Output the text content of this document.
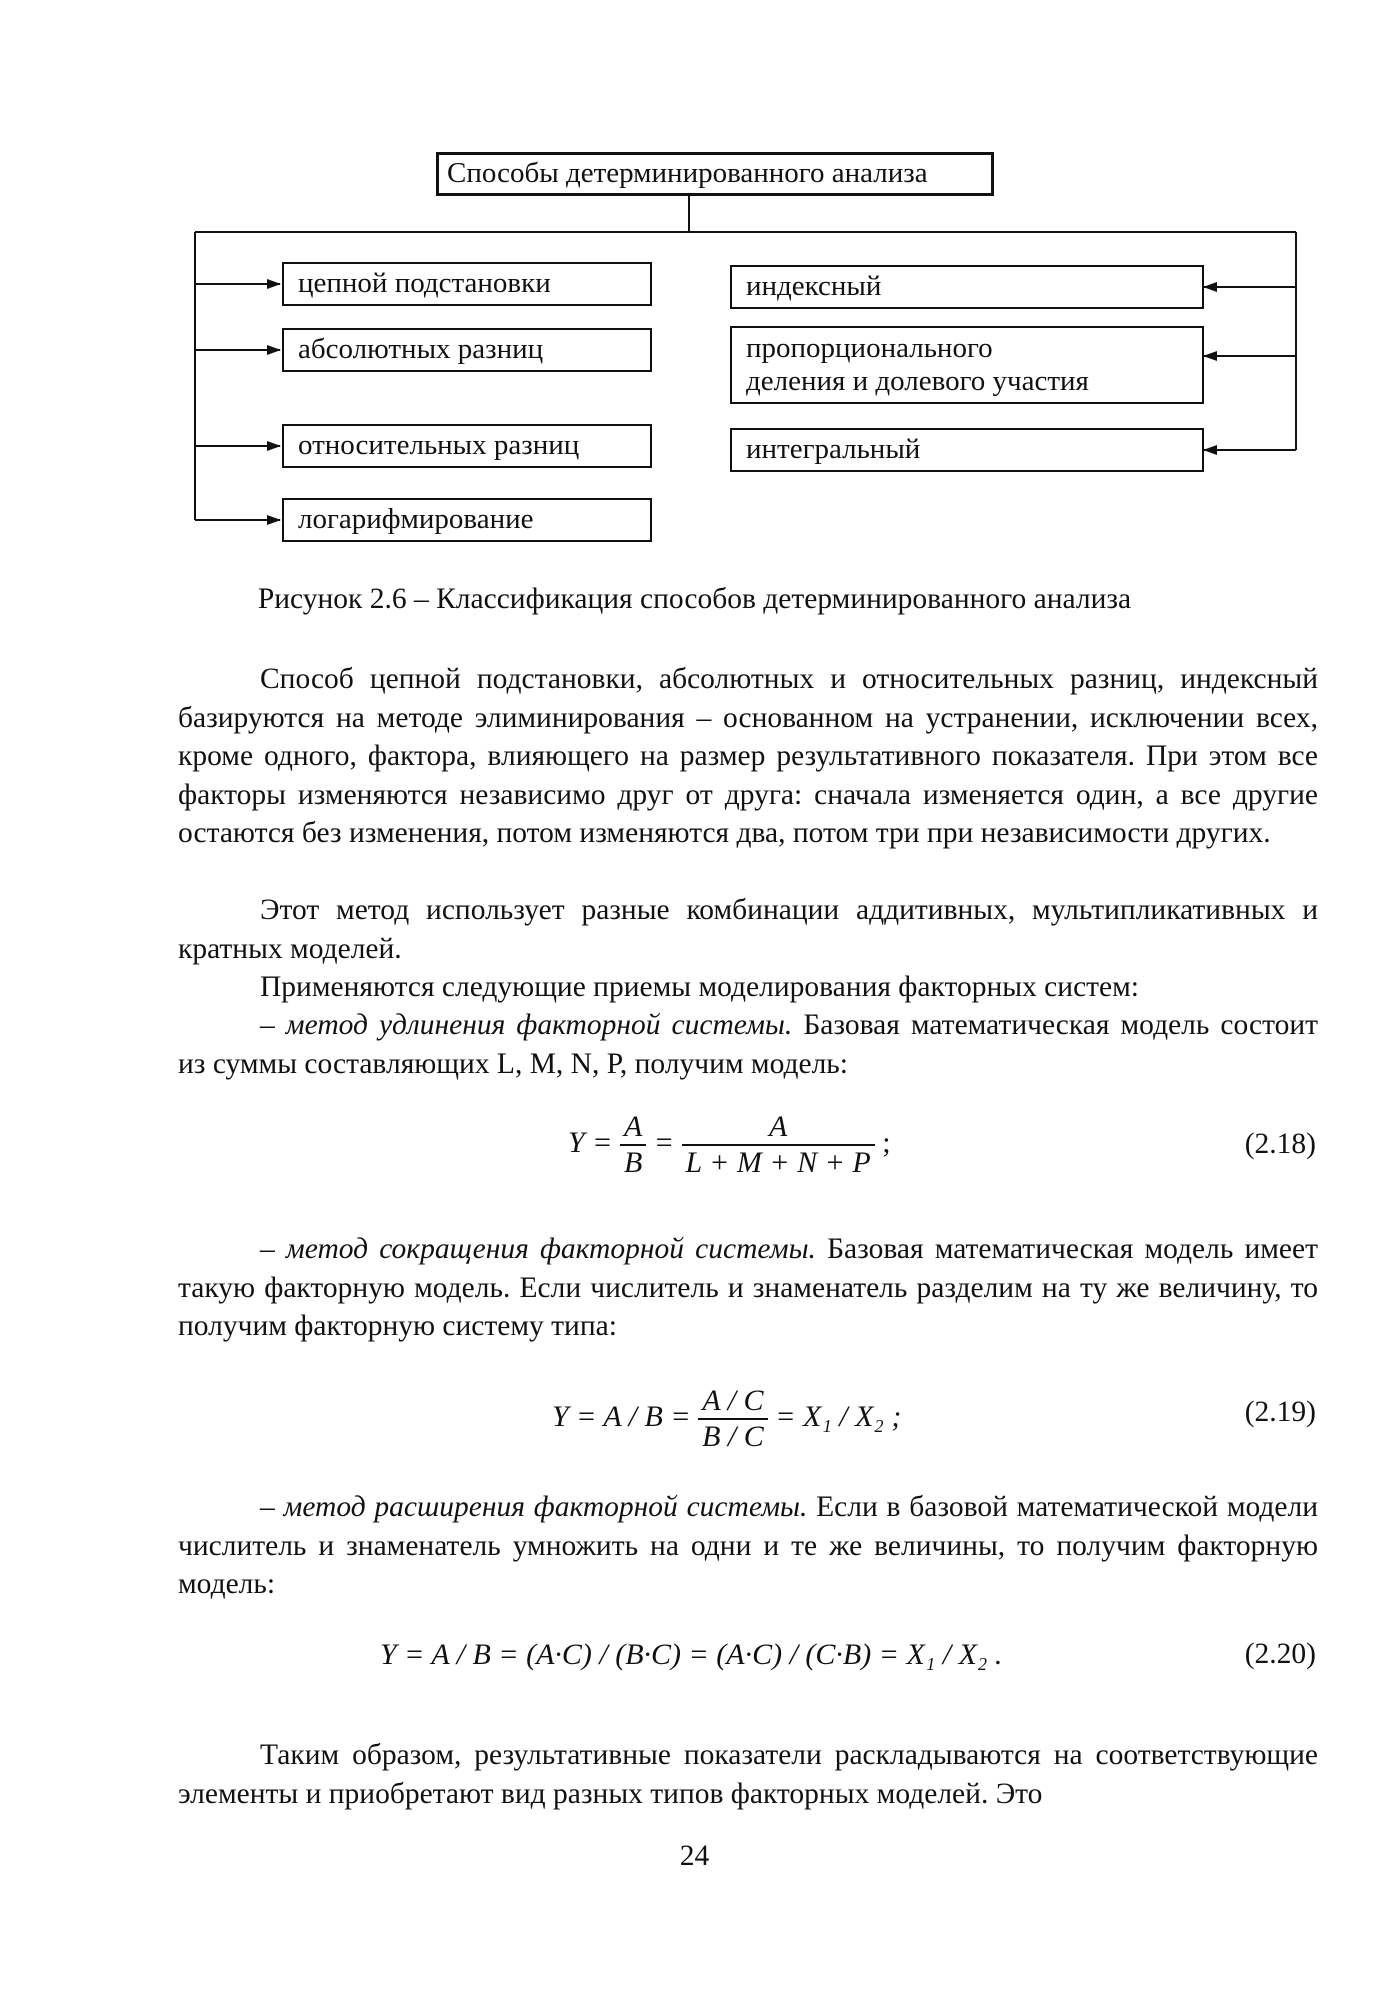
Способы детерминированного анализа
цепной подстановки
абсолютных разниц
относительных разниц
логарифмирование
индексный
пропорционального
деления и долевого участия
интегральный
Рисунок 2.6 – Классификация способов детерминированного анализа

Способ цепной подстановки, абсолютных и относительных разниц, индексный базируются на методе элиминирования – основанном на устранении, исключении всех, кроме одного, фактора, влияющего на размер результативного показателя. При этом все факторы изменяются независимо друг от друга: сначала изменяется один, а все другие остаются без изменения, потом изменяются два, потом три при независимости других.

Этот метод использует разные комбинации аддитивных, мультипликативных и кратных моделей.

Применяются следующие приемы моделирования факторных систем:

– метод удлинения факторной системы. Базовая математическая модель состоит из суммы составляющих L, M, N, P, получим модель:

$Y = \frac{A}{B} = \frac{A}{L + M + N + P}$ ;	(2.18)

– метод сокращения факторной системы. Базовая математическая модель имеет такую факторную модель. Если числитель и знаменатель разделим на ту же величину, то получим факторную систему типа:

$Y = A / B = \frac{A / C}{B / C} = X_1 / X_2$ ;	(2.19)

– метод расширения факторной системы. Если в базовой математической модели числитель и знаменатель умножить на одни и те же величины, то получим факторную модель:

Y = A / B = (A·C) / (B·C) = (A·C) / (C·B) = X₁ / X₂ .	(2.20)

Таким образом, результативные показатели раскладываются на соответствующие элементы и приобретают вид разных типов факторных моделей. Это

24
